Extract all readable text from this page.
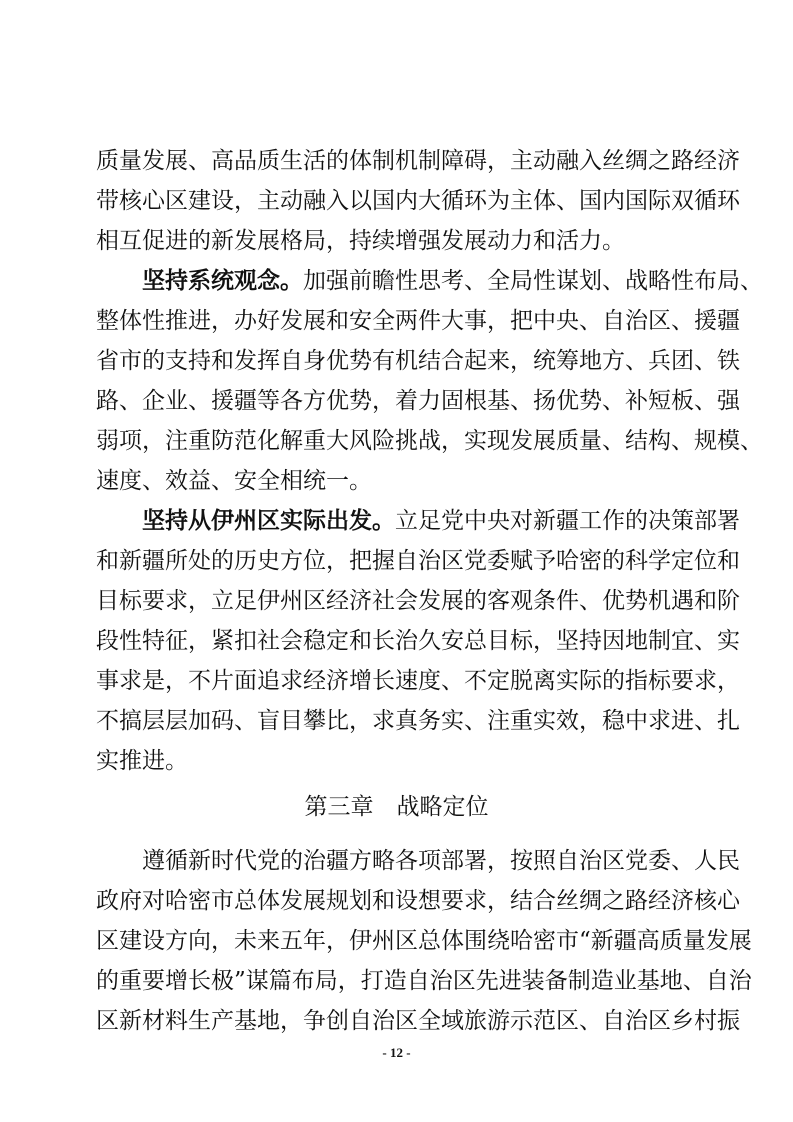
质量发展、高品质生活的体制机制障碍，主动融入丝绸之路经济
带核心区建设，主动融入以国内大循环为主体、国内国际双循环
相互促进的新发展格局，持续增强发展动力和活力。
坚持系统观念。加强前瞻性思考、全局性谋划、战略性布局、
整体性推进，办好发展和安全两件大事，把中央、自治区、援疆
省市的支持和发挥自身优势有机结合起来，统筹地方、兵团、铁
路、企业、援疆等各方优势，着力固根基、扬优势、补短板、强
弱项，注重防范化解重大风险挑战，实现发展质量、结构、规模、
速度、效益、安全相统一。
坚持从伊州区实际出发。立足党中央对新疆工作的决策部署
和新疆所处的历史方位，把握自治区党委赋予哈密的科学定位和
目标要求，立足伊州区经济社会发展的客观条件、优势机遇和阶
段性特征，紧扣社会稳定和长治久安总目标，坚持因地制宜、实
事求是，不片面追求经济增长速度、不定脱离实际的指标要求，
不搞层层加码、盲目攀比，求真务实、注重实效，稳中求进、扎
实推进。
第三章　战略定位
遵循新时代党的治疆方略各项部署，按照自治区党委、人民
政府对哈密市总体发展规划和设想要求，结合丝绸之路经济核心
区建设方向，未来五年，伊州区总体围绕哈密市“新疆高质量发展
的重要增长极”谋篇布局，打造自治区先进装备制造业基地、自治
区新材料生产基地，争创自治区全域旅游示范区、自治区乡村振
- 12 -
